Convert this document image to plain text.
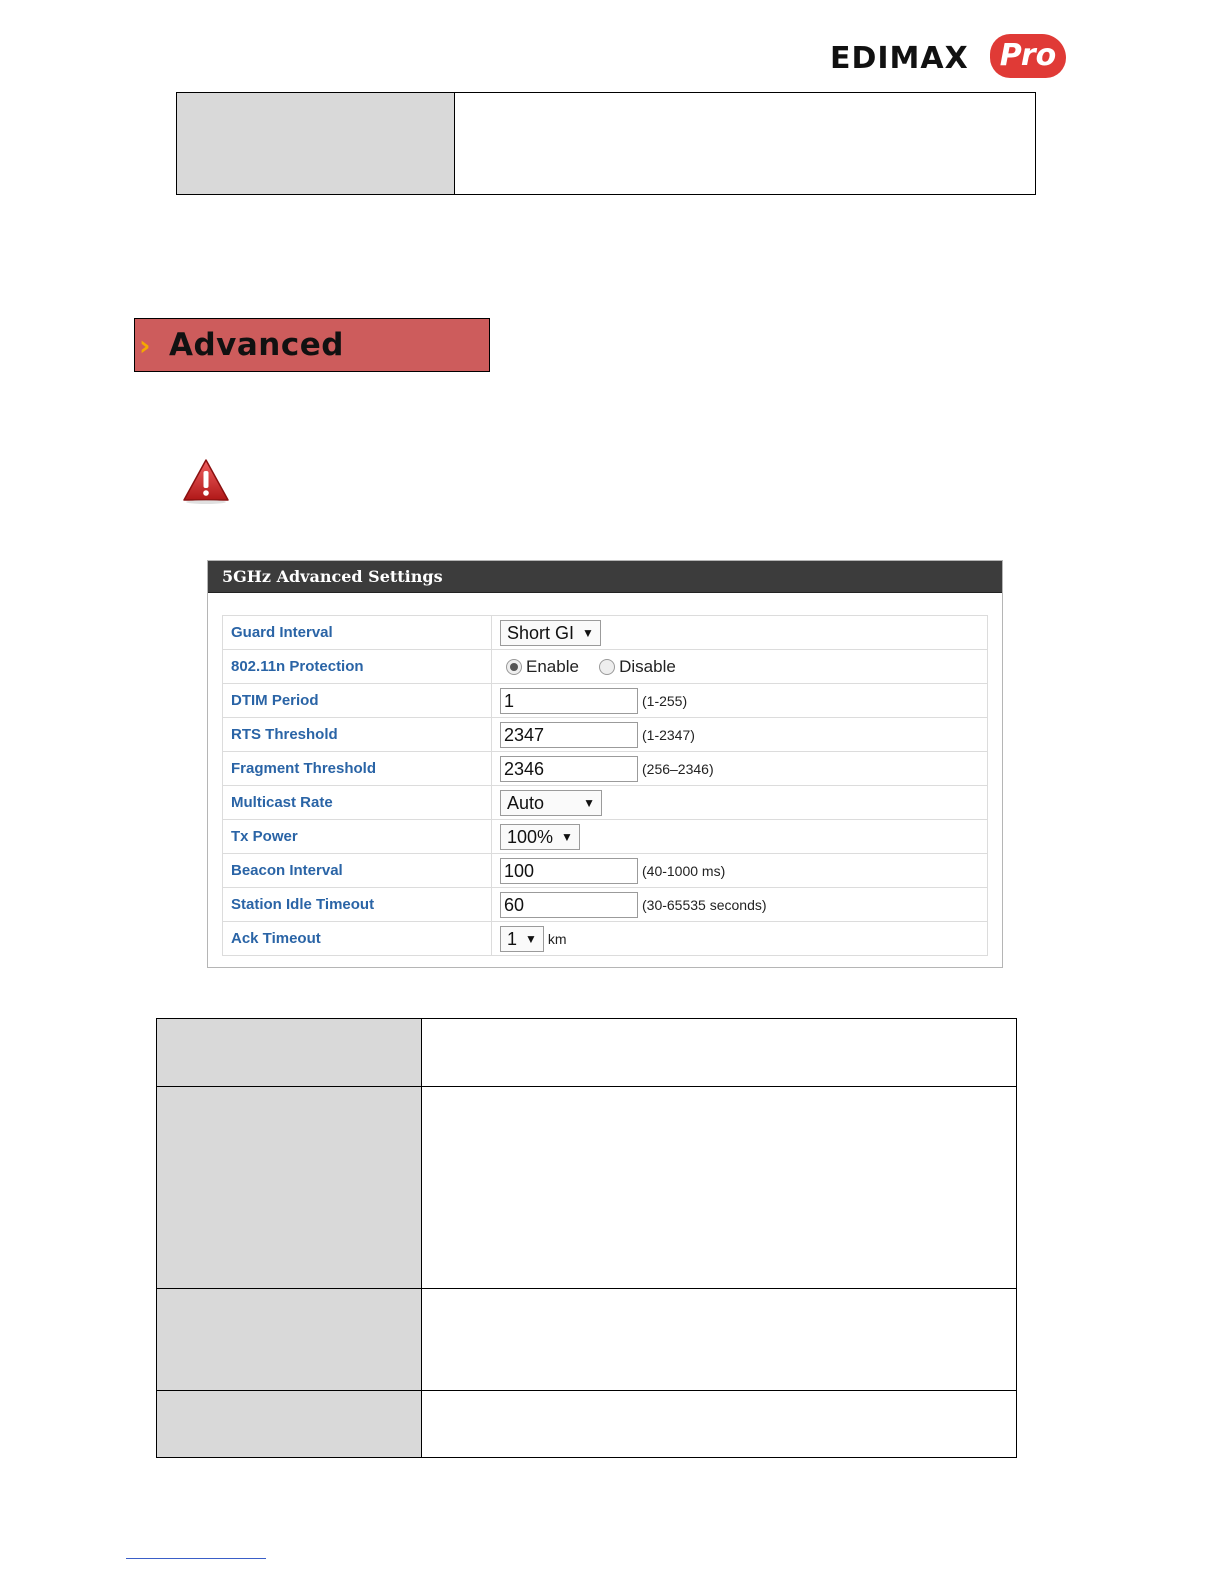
EDIMAX	Pro

› Advanced
5GHz Advanced Settings
Guard Interval	Short GI ▼
802.11n Protection	Enable Disable
DTIM Period	1 (1-255)
RTS Threshold	2347 (1-2347)
Fragment Threshold	2346 (256–2346)
Multicast Rate	Auto ▼

Tx Power	100% ▼
Beacon Interval	100 (40-1000 ms)
Station Idle Timeout	60 (30-65535 seconds)
Ack Timeout	1 ▼ km
